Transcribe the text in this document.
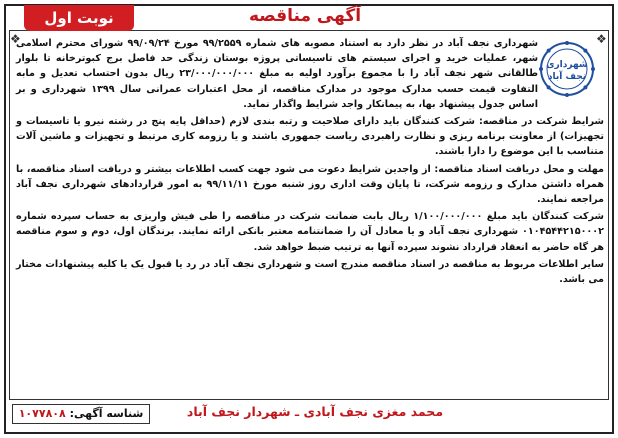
❖	❖
آگهی مناقصه
نوبت اول
شهرداری
نجف آباد

شهرداری نجف آباد در نظر دارد به استناد مصوبه های شماره ۹۹/۲۵۵۹ مورخ ۹۹/۰۹/۲۴ شورای محترم اسلامی شهر، عملیات خرید و اجرای سیستم های تاسیساتی پروژه بوستان زندگی حد فاصل برج کبوترخانه تا بلوار طالقانی شهر نجف آباد را با مجموع برآورد اولیه به مبلغ ۲۳/۰۰۰/۰۰۰/۰۰۰ ریال بدون احتساب تعدیل و مابه التفاوت قیمت حسب مدارک موجود در مدارک مناقصه، از محل اعتبارات عمرانی سال ۱۳۹۹ شهرداری و بر اساس جدول پیشنهاد بها، به پیمانکار واجد شرایط واگذار نماید.

شرایط شرکت در مناقصه: شرکت کنندگان باید دارای صلاحیت و رتبه بندی لازم (حداقل پایه پنج در رشته نیرو یا تاسیسات و تجهیزات) از معاونت برنامه ریزی و نظارت راهبردی ریاست جمهوری باشند و یا رزومه کاری مرتبط و تجهیزات و ماشین آلات متناسب با این موضوع را دارا باشند.

مهلت و محل دریافت اسناد مناقصه: از واجدین شرایط دعوت می شود جهت کسب اطلاعات بیشتر و دریافت اسناد مناقصه، با همراه داشتن مدارک و رزومه شرکت، تا پایان وقت اداری روز شنبه مورخ ۹۹/۱۱/۱۱ به امور قراردادهای شهرداری نجف آباد مراجعه نمایند.

شرکت کنندگان باید مبلغ ۱/۱۰۰/۰۰۰/۰۰۰ ریال بابت ضمانت شرکت در مناقصه را طی فیش واریزی به حساب سپرده شماره ۰۱۰۴۵۴۴۲۱۵۰۰۰۲ شهرداری نجف آباد و یا معادل آن را ضمانتنامه معتبر بانکی ارائه نمایند. برندگان اول، دوم و سوم مناقصه هر گاه حاضر به انعقاد قرارداد نشوند سپرده آنها به ترتیب ضبط خواهد شد.

سایر اطلاعات مربوط به مناقصه در اسناد مناقصه مندرج است و شهرداری نجف آباد در رد یا قبول یک یا کلیه پیشنهادات مختار می باشد.

محمد مغزی نجف آبادی ـ شهردار نجف آباد
شناسه آگهی: ۱۰۷۷۸۰۸
